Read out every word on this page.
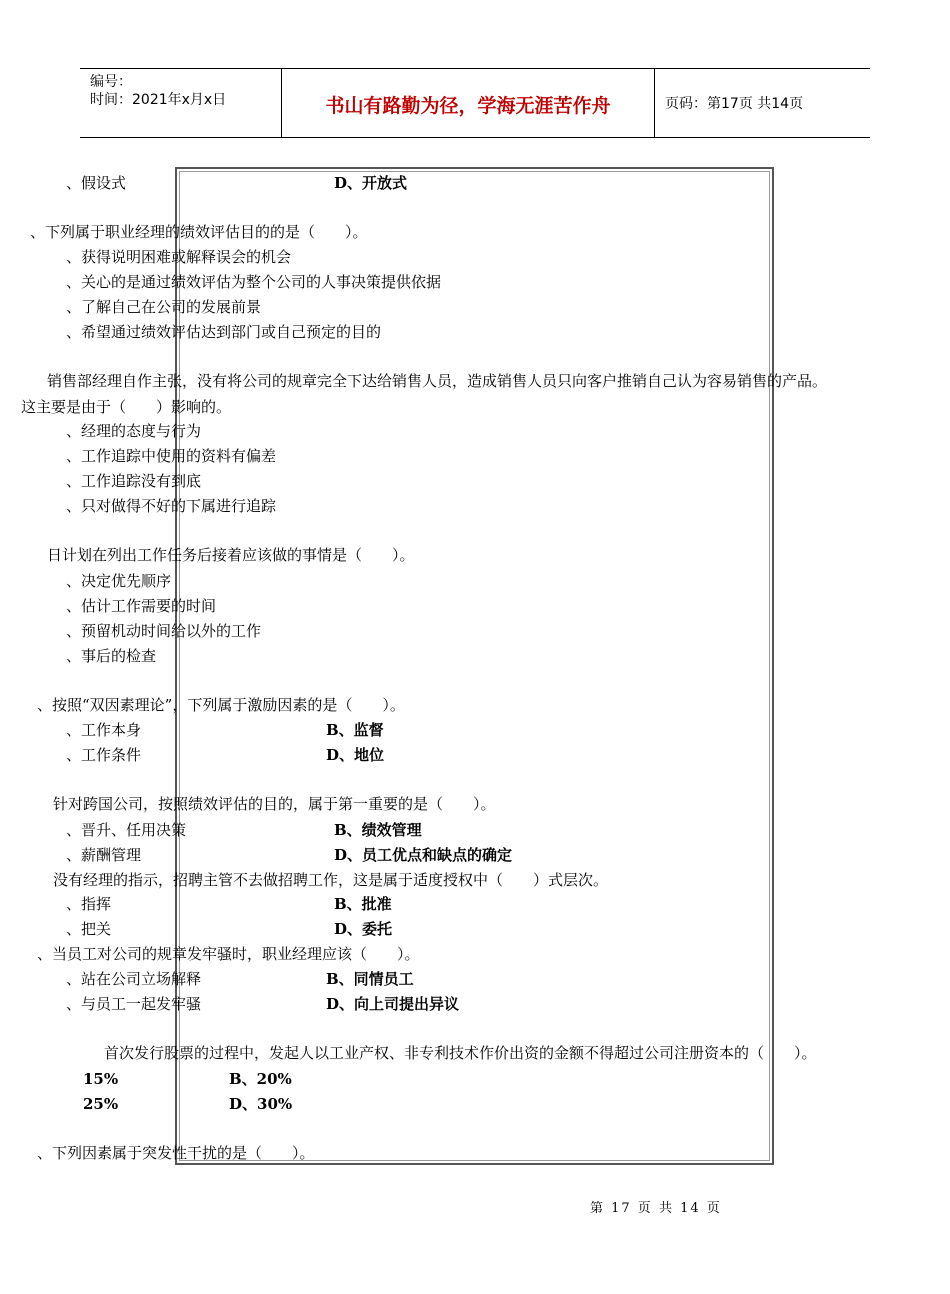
编号：
时间：2021年x月x日	书山有路勤为径，学海无涯苦作舟	页码：第17页 共14页
、假设式	D、开放式
、下列属于职业经理的绩效评估目的的是（　　）。
、获得说明困难或解释误会的机会
、关心的是通过绩效评估为整个公司的人事决策提供依据
、了解自己在公司的发展前景
、希望通过绩效评估达到部门或自己预定的目的
销售部经理自作主张，没有将公司的规章完全下达给销售人员，造成销售人员只向客户推销自己认为容易销售的产品。
这主要是由于（　　）影响的。
、经理的态度与行为
、工作追踪中使用的资料有偏差
、工作追踪没有到底
、只对做得不好的下属进行追踪
日计划在列出工作任务后接着应该做的事情是（　　）。
、决定优先顺序
、估计工作需要的时间
、预留机动时间给以外的工作
、事后的检查
、按照“双因素理论”，下列属于激励因素的是（　　）。
、工作本身	B、监督
、工作条件	D、地位
针对跨国公司，按照绩效评估的目的，属于第一重要的是（　　）。
、晋升、任用决策	B、绩效管理
、薪酬管理	D、员工优点和缺点的确定
没有经理的指示，招聘主管不去做招聘工作，这是属于适度授权中（　　）式层次。
、指挥	B、批准
、把关	D、委托
、当员工对公司的规章发牢骚时，职业经理应该（　　）。
、站在公司立场解释	B、同情员工
、与员工一起发牢骚	D、向上司提出异议
首次发行股票的过程中，发起人以工业产权、非专利技术作价出资的金额不得超过公司注册资本的（　　）。
15%	B、20%
25%	D、30%
、下列因素属于突发性干扰的是（　　）。
第 17 页 共 14 页
